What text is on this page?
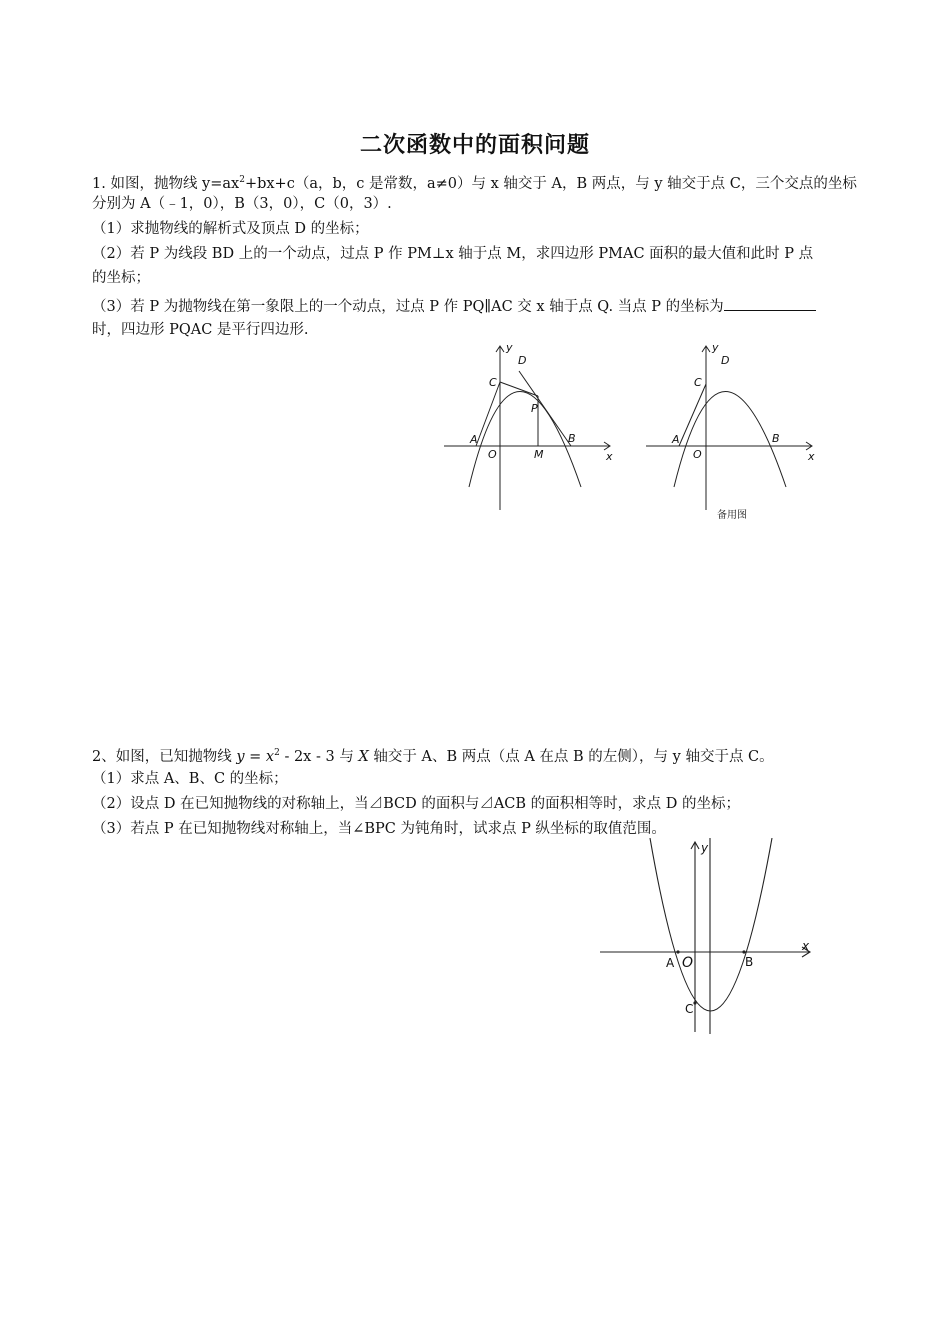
二次函数中的面积问题
1. 如图，抛物线 $y=ax^2+bx+c(a$，b，c 是常数，a≠0）与 x 轴交于 A，B 两点，与 y 轴交于点 C，三个交点的坐标
分别为 A（﹣1，0），B（3，0），C（0，3）.
（1）求抛物线的解析式及顶点 D 的坐标；
（2）若 P 为线段 BD 上的一个动点，过点 P 作 PM⊥x 轴于点 M，求四边形 PMAC 面积的最大值和此时 P 点
的坐标；
（3）若 P 为抛物线在第一象限上的一个动点，过点 P 作 PQ∥AC 交 x 轴于点 Q. 当点 P 的坐标为
时，四边形 PQAC 是平行四边形.
y
x
D
C
P
A
O	M
B
y
x
D
C
A
O
B
备用图
2、如图，已知抛物线 $y = x^2 - 2x - 3$ 与 X 轴交于 A、B 两点（点 A 在点 B 的左侧），与 y 轴交于点 C。
（1）求点 A、B、C 的坐标；
（2）设点 D 在已知抛物线的对称轴上，当⊿BCD 的面积与⊿ACB 的面积相等时，求点 D 的坐标；
（3）若点 P 在已知抛物线对称轴上，当∠BPC 为钝角时，试求点 P 纵坐标的取值范围。
y
x
A O	B
C
